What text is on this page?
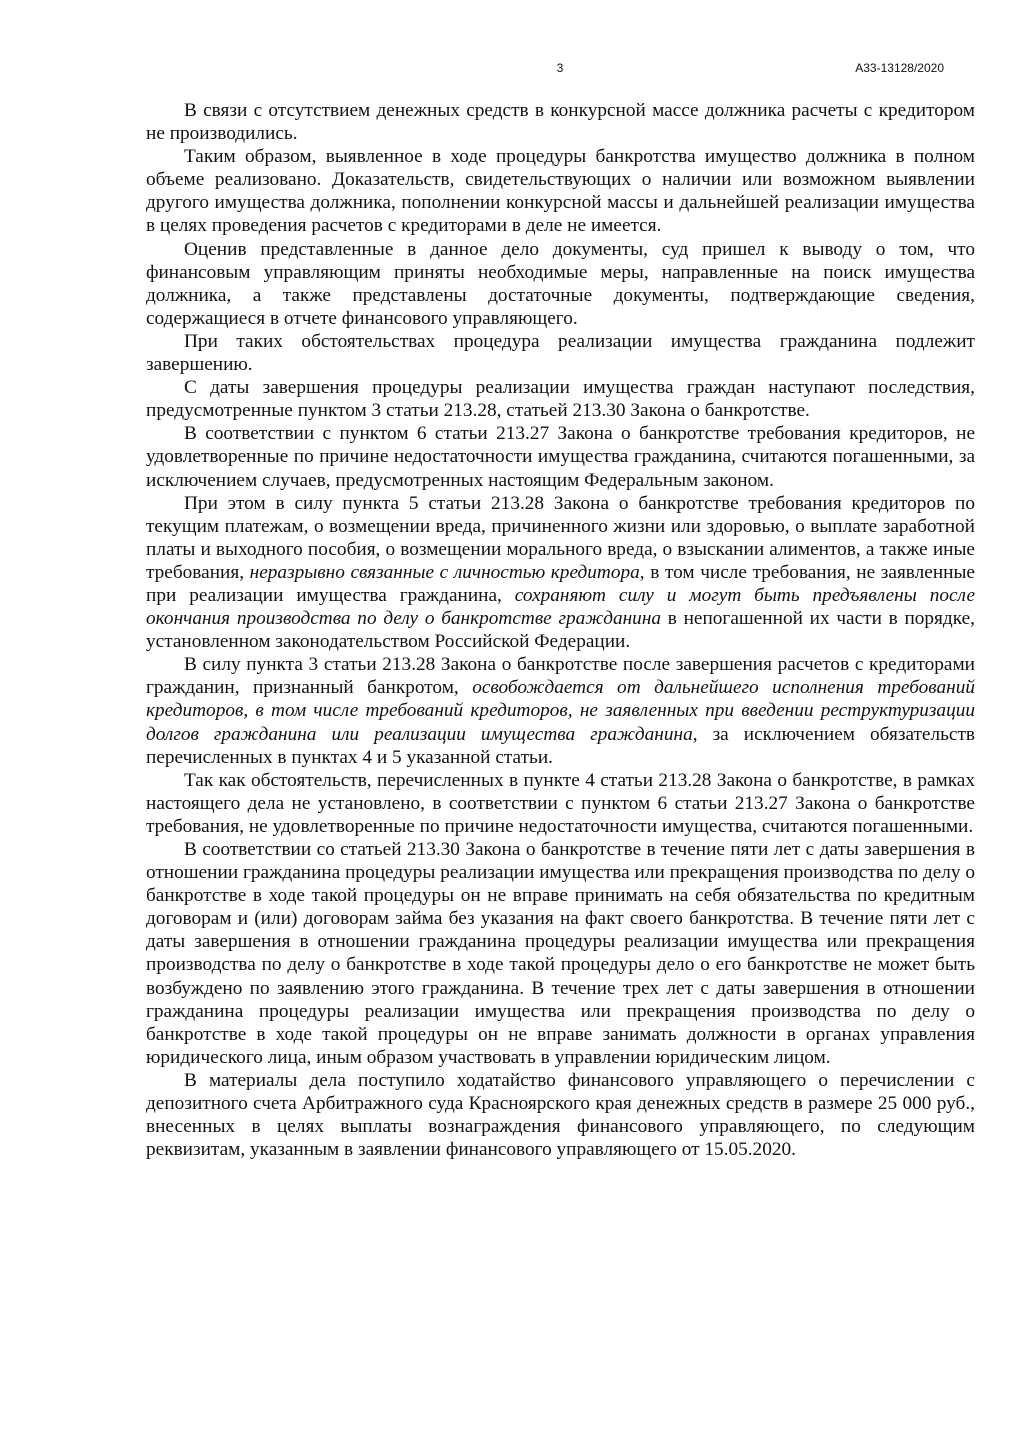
3	А33-13128/2020

В связи с отсутствием денежных средств в конкурсной массе должника расчеты с кредитором не производились.

Таким образом, выявленное в ходе процедуры банкротства имущество должника в полном объеме реализовано. Доказательств, свидетельствующих о наличии или возможном выявлении другого имущества должника, пополнении конкурсной массы и дальнейшей реализации имущества в целях проведения расчетов с кредиторами в деле не имеется.

Оценив представленные в данное дело документы, суд пришел к выводу о том, что финансовым управляющим приняты необходимые меры, направленные на поиск имущества должника, а также представлены достаточные документы, подтверждающие сведения, содержащиеся в отчете финансового управляющего.

При таких обстоятельствах процедура реализации имущества гражданина подлежит завершению.

С даты завершения процедуры реализации имущества граждан наступают последствия, предусмотренные пунктом 3 статьи 213.28, статьей 213.30 Закона о банкротстве.

В соответствии с пунктом 6 статьи 213.27 Закона о банкротстве требования кредиторов, не удовлетворенные по причине недостаточности имущества гражданина, считаются погашенными, за исключением случаев, предусмотренных настоящим Федеральным законом.

При этом в силу пункта 5 статьи 213.28 Закона о банкротстве требования кредиторов по текущим платежам, о возмещении вреда, причиненного жизни или здоровью, о выплате заработной платы и выходного пособия, о возмещении морального вреда, о взыскании алиментов, а также иные требования, неразрывно связанные с личностью кредитора, в том числе требования, не заявленные при реализации имущества гражданина, сохраняют силу и могут быть предъявлены после окончания производства по делу о банкротстве гражданина в непогашенной их части в порядке, установленном законодательством Российской Федерации.

В силу пункта 3 статьи 213.28 Закона о банкротстве после завершения расчетов с кредиторами гражданин, признанный банкротом, освобождается от дальнейшего исполнения требований кредиторов, в том числе требований кредиторов, не заявленных при введении реструктуризации долгов гражданина или реализации имущества гражданина, за исключением обязательств перечисленных в пунктах 4 и 5 указанной статьи.

Так как обстоятельств, перечисленных в пункте 4 статьи 213.28 Закона о банкротстве, в рамках настоящего дела не установлено, в соответствии с пунктом 6 статьи 213.27 Закона о банкротстве требования, не удовлетворенные по причине недостаточности имущества, считаются погашенными.

В соответствии со статьей 213.30 Закона о банкротстве в течение пяти лет с даты завершения в отношении гражданина процедуры реализации имущества или прекращения производства по делу о банкротстве в ходе такой процедуры он не вправе принимать на себя обязательства по кредитным договорам и (или) договорам займа без указания на факт своего банкротства. В течение пяти лет с даты завершения в отношении гражданина процедуры реализации имущества или прекращения производства по делу о банкротстве в ходе такой процедуры дело о его банкротстве не может быть возбуждено по заявлению этого гражданина. В течение трех лет с даты завершения в отношении гражданина процедуры реализации имущества или прекращения производства по делу о банкротстве в ходе такой процедуры он не вправе занимать должности в органах управления юридического лица, иным образом участвовать в управлении юридическим лицом.

В материалы дела поступило ходатайство финансового управляющего о перечислении с депозитного счета Арбитражного суда Красноярского края денежных средств в размере 25 000 руб., внесенных в целях выплаты вознаграждения финансового управляющего, по следующим реквизитам, указанным в заявлении финансового управляющего от 15.05.2020.
